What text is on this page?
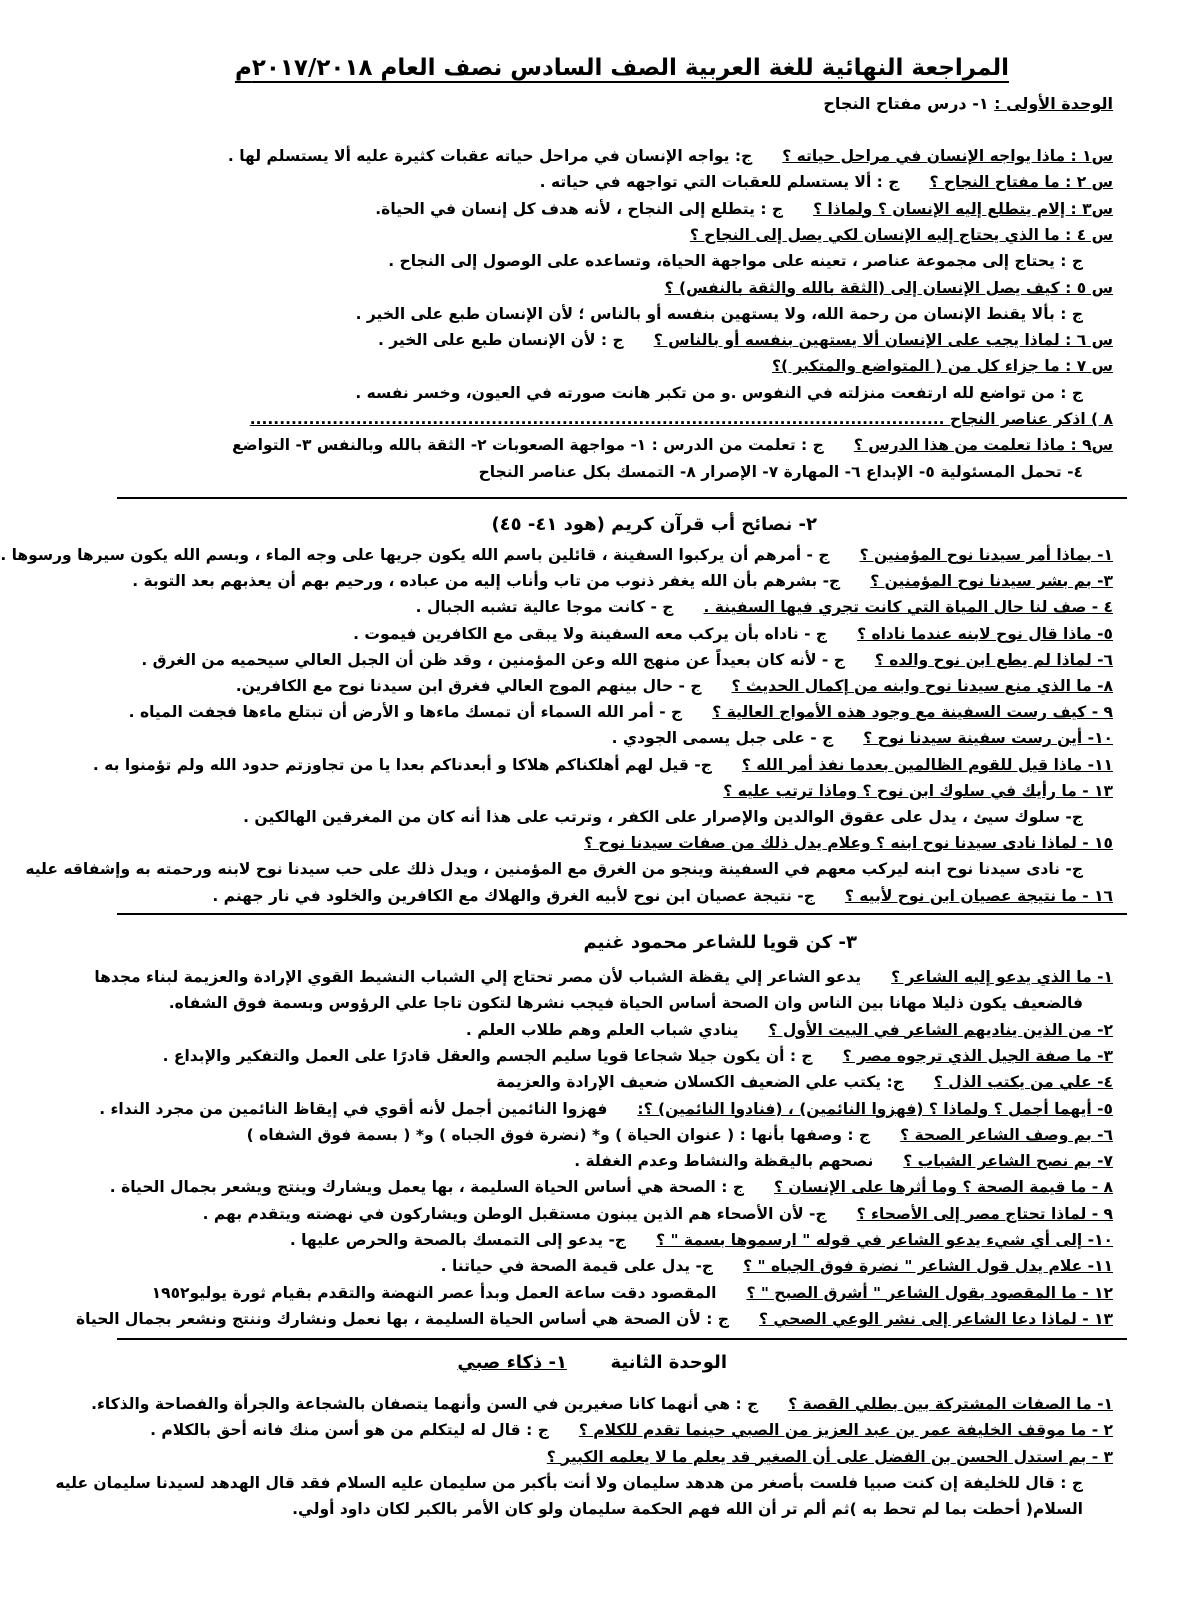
المراجعة النهائية للغة العربية الصف السادس نصف العام ٢٠١٧/٢٠١٨م
الوحدة الأولى : ١- درس مفتاح النجاح
س١ : ماذا يواجه الإنسان في مراحل حياته ؟ج: يواجه الإنسان في مراحل حياته عقبات كثيرة عليه ألا يستسلم لها .
س ٢ : ما مفتاح النجاح ؟ج : ألا يستسلم للعقبات التي تواجهه في حياته .
س٣ : إلام يتطلع إليه الإنسان ؟ ولماذا ؟ج : يتطلع إلى النجاح ، لأنه هدف كل إنسان في الحياة.
س ٤ : ما الذي يحتاج إليه الإنسان لكي يصل إلى النجاح ؟
ج : يحتاج إلى مجموعة عناصر ، تعينه على مواجهة الحياة، وتساعده على الوصول إلى النجاح .
س ٥ : كيف يصل الإنسان إلى (الثقة بالله والثقة بالنفس) ؟
ج : بألا يقنط الإنسان من رحمة الله، ولا يستهين بنفسه أو بالناس ؛ لأن الإنسان طبع على الخير .
س ٦ : لماذا يجب على الإنسان ألا يستهين بنفسه أو بالناس ؟ج : لأن الإنسان طبع على الخير .
س ٧ : ما جزاء كل من ( المتواضع والمتكبر )؟
ج : من تواضع لله ارتفعت منزلته في النفوس .و من تكبر هانت صورته في العيون، وخسر نفسه .
٨ ) اذكر عناصر النجاح ......................................................................................................................
س٩ : ماذا تعلمت من هذا الدرس ؟ج : تعلمت من الدرس : ١- مواجهة الصعوبات ٢- الثقة بالله وبالنفس ٣- التواضع
٤- تحمل المسئولية ٥- الإبداع ٦- المهارة ٧- الإصرار ٨- التمسك بكل عناصر النجاح
٢- نصائح أب قرآن كريم (هود ٤١- ٤٥)
١- بماذا أمر سيدنا نوح المؤمنين ؟ج - أمرهم أن يركبوا السفينة ، قائلين باسم الله يكون جريها على وجه الماء ، وبسم الله يكون سيرها ورسوها .
٣- بم بشر سيدنا نوح المؤمنين ؟ج- بشرهم بأن الله يغفر ذنوب من تاب وأناب إليه من عباده ، ورحيم بهم أن يعذبهم بعد التوبة .
٤ - صف لنا حال المياة التي كانت تجري فيها السفينة .ج - كانت موجا عالية تشبه الجبال .
٥- ماذا قال نوح لابنه عندما ناداه ؟ج - ناداه بأن يركب معه السفينة ولا يبقى مع الكافرين فيموت .
٦- لماذا لم يطع ابن نوح والده ؟ج - لأنه كان بعيداً عن منهج الله وعن المؤمنين ، وقد ظن أن الجبل العالي سيحميه من الغرق .
٨- ما الذي منع سيدنا نوح وابنه من إكمال الحديث ؟ج - حال بينهم الموج العالي فغرق ابن سيدنا نوح مع الكافرين.
٩ - كيف رست السفينة مع وجود هذه الأمواج العالية ؟ج - أمر الله السماء أن تمسك ماءها و الأرض أن تبتلع ماءها فجفت المياه .
١٠- أين رست سفينة سيدنا نوح ؟ج - على جبل يسمى الجودي .
١١- ماذا قيل للقوم الظالمين بعدما نفذ أمر الله ؟ج- قيل لهم أهلكناكم هلاكا و أبعدناكم بعدا يا من تجاوزتم حدود الله ولم تؤمنوا به .
١٣ - ما رأيك في سلوك ابن نوح ؟ وماذا ترتب عليه ؟
ج- سلوك سيئ ، يدل على عقوق الوالدين والإصرار على الكفر ، وترتب على هذا أنه كان من المغرقين الهالكين .
١٥ - لماذا نادى سيدنا نوح ابنه ؟ وعلام يدل ذلك من صفات سيدنا نوح ؟
ج- نادى سيدنا نوح ابنه ليركب معهم في السفينة وينجو من الغرق مع المؤمنين ، ويدل ذلك على حب سيدنا نوح لابنه ورحمته به وإشفاقه عليه
١٦ - ما نتيجة عصيان ابن نوح لأبيه ؟ج- نتيجة عصيان ابن نوح لأبيه الغرق والهلاك مع الكافرين والخلود في نار جهنم .
٣- كن قويا للشاعر محمود غنيم
١- ما الذي يدعو إليه الشاعر ؟يدعو الشاعر إلي يقظة الشباب لأن مصر تحتاج إلي الشباب النشيط القوي الإرادة والعزيمة لبناء مجدها
فالضعيف يكون ذليلا مهانا بين الناس وان الصحة أساس الحياة فيجب نشرها لتكون تاجا علي الرؤوس وبسمة فوق الشفاه.
٢- من الذين يناديهم الشاعر في البيت الأول ؟ينادي شباب العلم وهم طلاب العلم .
٣- ما صفة الجيل الذي ترجوه مصر ؟ج : أن يكون جيلا شجاعا قويا سليم الجسم والعقل قادرًا على العمل والتفكير والإبداع .
٤- علي من يكتب الذل ؟ج: يكتب علي الضعيف الكسلان ضعيف الإرادة والعزيمة
٥- أيهما أجمل ؟ ولماذا ؟ (فهزوا النائمين) ، (فنادوا النائمين) ؟:فهزوا النائمين أجمل لأنه أقوي في إيقاظ النائمين من مجرد النداء .
٦- بم وصف الشاعر الصحة ؟ج : وصفها بأنها : ( عنوان الحياة ) و* (نضرة فوق الجباه ) و* ( بسمة فوق الشفاه )
٧- بم نصح الشاعر الشباب ؟نصحهم باليقظة والنشاط وعدم الغفلة .
٨ - ما قيمة الصحة ؟ وما أثرها على الإنسان ؟ج : الصحة هي أساس الحياة السليمة ، بها يعمل ويشارك وينتج ويشعر بجمال الحياة .
٩ - لماذا تحتاج مصر إلى الأصحاء ؟ج- لأن الأصحاء هم الذين يبنون مستقبل الوطن ويشاركون في نهضته ويتقدم بهم .
١٠- إلى أي شيء يدعو الشاعر في قوله " ارسموها بسمة " ؟ج- يدعو إلى التمسك بالصحة والحرص عليها .
١١- علام يدل قول الشاعر " نضرة فوق الجباه " ؟ج- يدل على قيمة الصحة في حياتنا .
١٢ - ما المقصود بقول الشاعر " أشرق الصبح " ؟المقصود دقت ساعة العمل وبدأ عصر النهضة والتقدم بقيام ثورة يوليو١٩٥٢
١٣ - لماذا دعا الشاعر إلى نشر الوعي الصحي ؟ج : لأن الصحة هي أساس الحياة السليمة ، بها نعمل ونشارك وننتج ونشعر بجمال الحياة
الوحدة الثانية
١- ذكاء صبي
١- ما الصفات المشتركة بين بطلي القصة ؟ج : هي أنهما كانا صغيرين في السن وأنهما يتصفان بالشجاعة والجرأة والفصاحة والذكاء.
٢ - ما موقف الخليفة عمر بن عبد العزيز من الصبي حينما تقدم للكلام ؟ج : قال له ليتكلم من هو أسن منك فانه أحق بالكلام .
٣ - بم استدل الحسن بن الفضل على أن الصغير قد يعلم ما لا يعلمه الكبير ؟
ج : قال للخليفة إن كنت صبيا فلست بأصغر من هدهد سليمان ولا أنت بأكبر من سليمان عليه السلام فقد قال الهدهد لسيدنا سليمان عليه
السلام( أحطت بما لم تحط به )ثم ألم تر أن الله فهم الحكمة سليمان ولو كان الأمر بالكبر لكان داود أولي.
